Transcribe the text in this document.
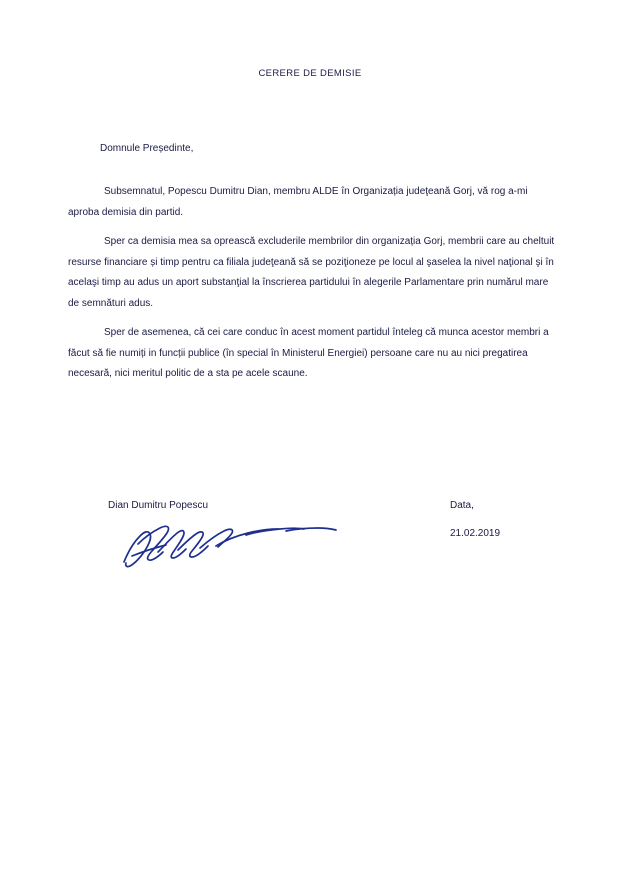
CERERE DE DEMISIE
Domnule Președinte,

Subsemnatul, Popescu Dumitru Dian, membru ALDE în Organizația judeţeană Gorj, vă rog a-mi aproba demisia din partid.

Sper ca demisia mea sa oprească excluderile membrilor din organizația Gorj, membrii care au cheltuit resurse financiare și timp pentru ca filiala judeţeană să se poziţioneze pe locul al şaselea la nivel naţional şi în acelaşi timp au adus un aport substanţial la înscrierea partidului în alegerile Parlamentare prin numărul mare de semnături adus.

Sper de asemenea, că cei care conduc în acest moment partidul înteleg că munca acestor membri a făcut să fie numiți in funcții publice (în special în Ministerul Energiei) persoane care nu au nici pregatirea necesară, nici meritul politic de a sta pe acele scaune.

Dian Dumitru Popescu	Data,
21.02.2019
